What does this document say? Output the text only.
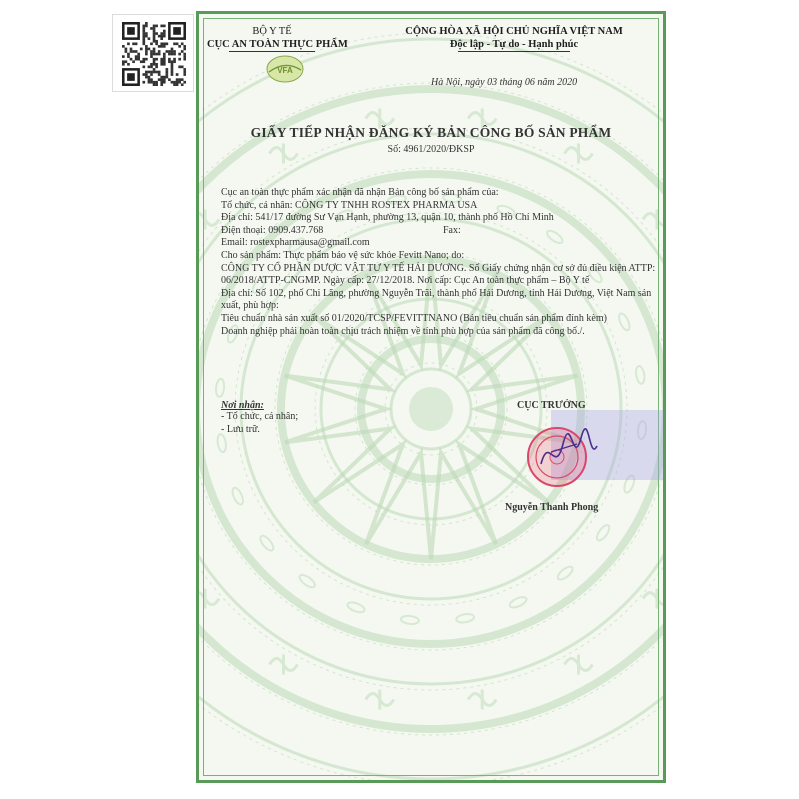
BỘ Y TẾ
CỤC AN TOÀN THỰC PHẨM
VFA
CỘNG HÒA XÃ HỘI CHỦ NGHĨA VIỆT NAM
Độc lập - Tự do - Hạnh phúc
Hà Nội, ngày 03 tháng 06 năm 2020
GIẤY TIẾP NHẬN ĐĂNG KÝ BẢN CÔNG BỐ SẢN PHẨM
Số: 4961/2020/ĐKSP

Cục an toàn thực phẩm xác nhận đã nhận Bản công bố sản phẩm của:

Tổ chức, cá nhân: CÔNG TY TNHH ROSTEX PHARMA USA

Địa chỉ: 541/17 đường Sư Vạn Hạnh, phường 13, quận 10, thành phố Hồ Chí Minh

Điện thoại: 0909.437.768	Fax:

Email: rostexpharmausa@gmail.com

Cho sản phẩm: Thực phẩm bảo vệ sức khỏe Fevitt Nano; do:

CÔNG TY CỔ PHẦN DƯỢC VẬT TƯ Y TẾ HẢI DƯƠNG. Số Giấy chứng nhận cơ sở đủ điều kiện ATTP: 06/2018/ATTP-CNGMP. Ngày cấp: 27/12/2018. Nơi cấp: Cục An toàn thực phẩm – Bộ Y tế

Địa chỉ: Số 102, phố Chi Lăng, phường Nguyễn Trãi, thành phố Hải Dương, tỉnh Hải Dương, Việt Nam sản xuất, phù hợp:

Tiêu chuẩn nhà sản xuất số 01/2020/TCSP/FEVITTNANO (Bản tiêu chuẩn sản phẩm đính kèm)

Doanh nghiệp phải hoàn toàn chịu trách nhiệm về tính phù hợp của sản phẩm đã công bố./.

Nơi nhận:
- Tổ chức, cá nhân;
- Lưu trữ.
CỤC TRƯỞNG
Nguyễn Thanh Phong
